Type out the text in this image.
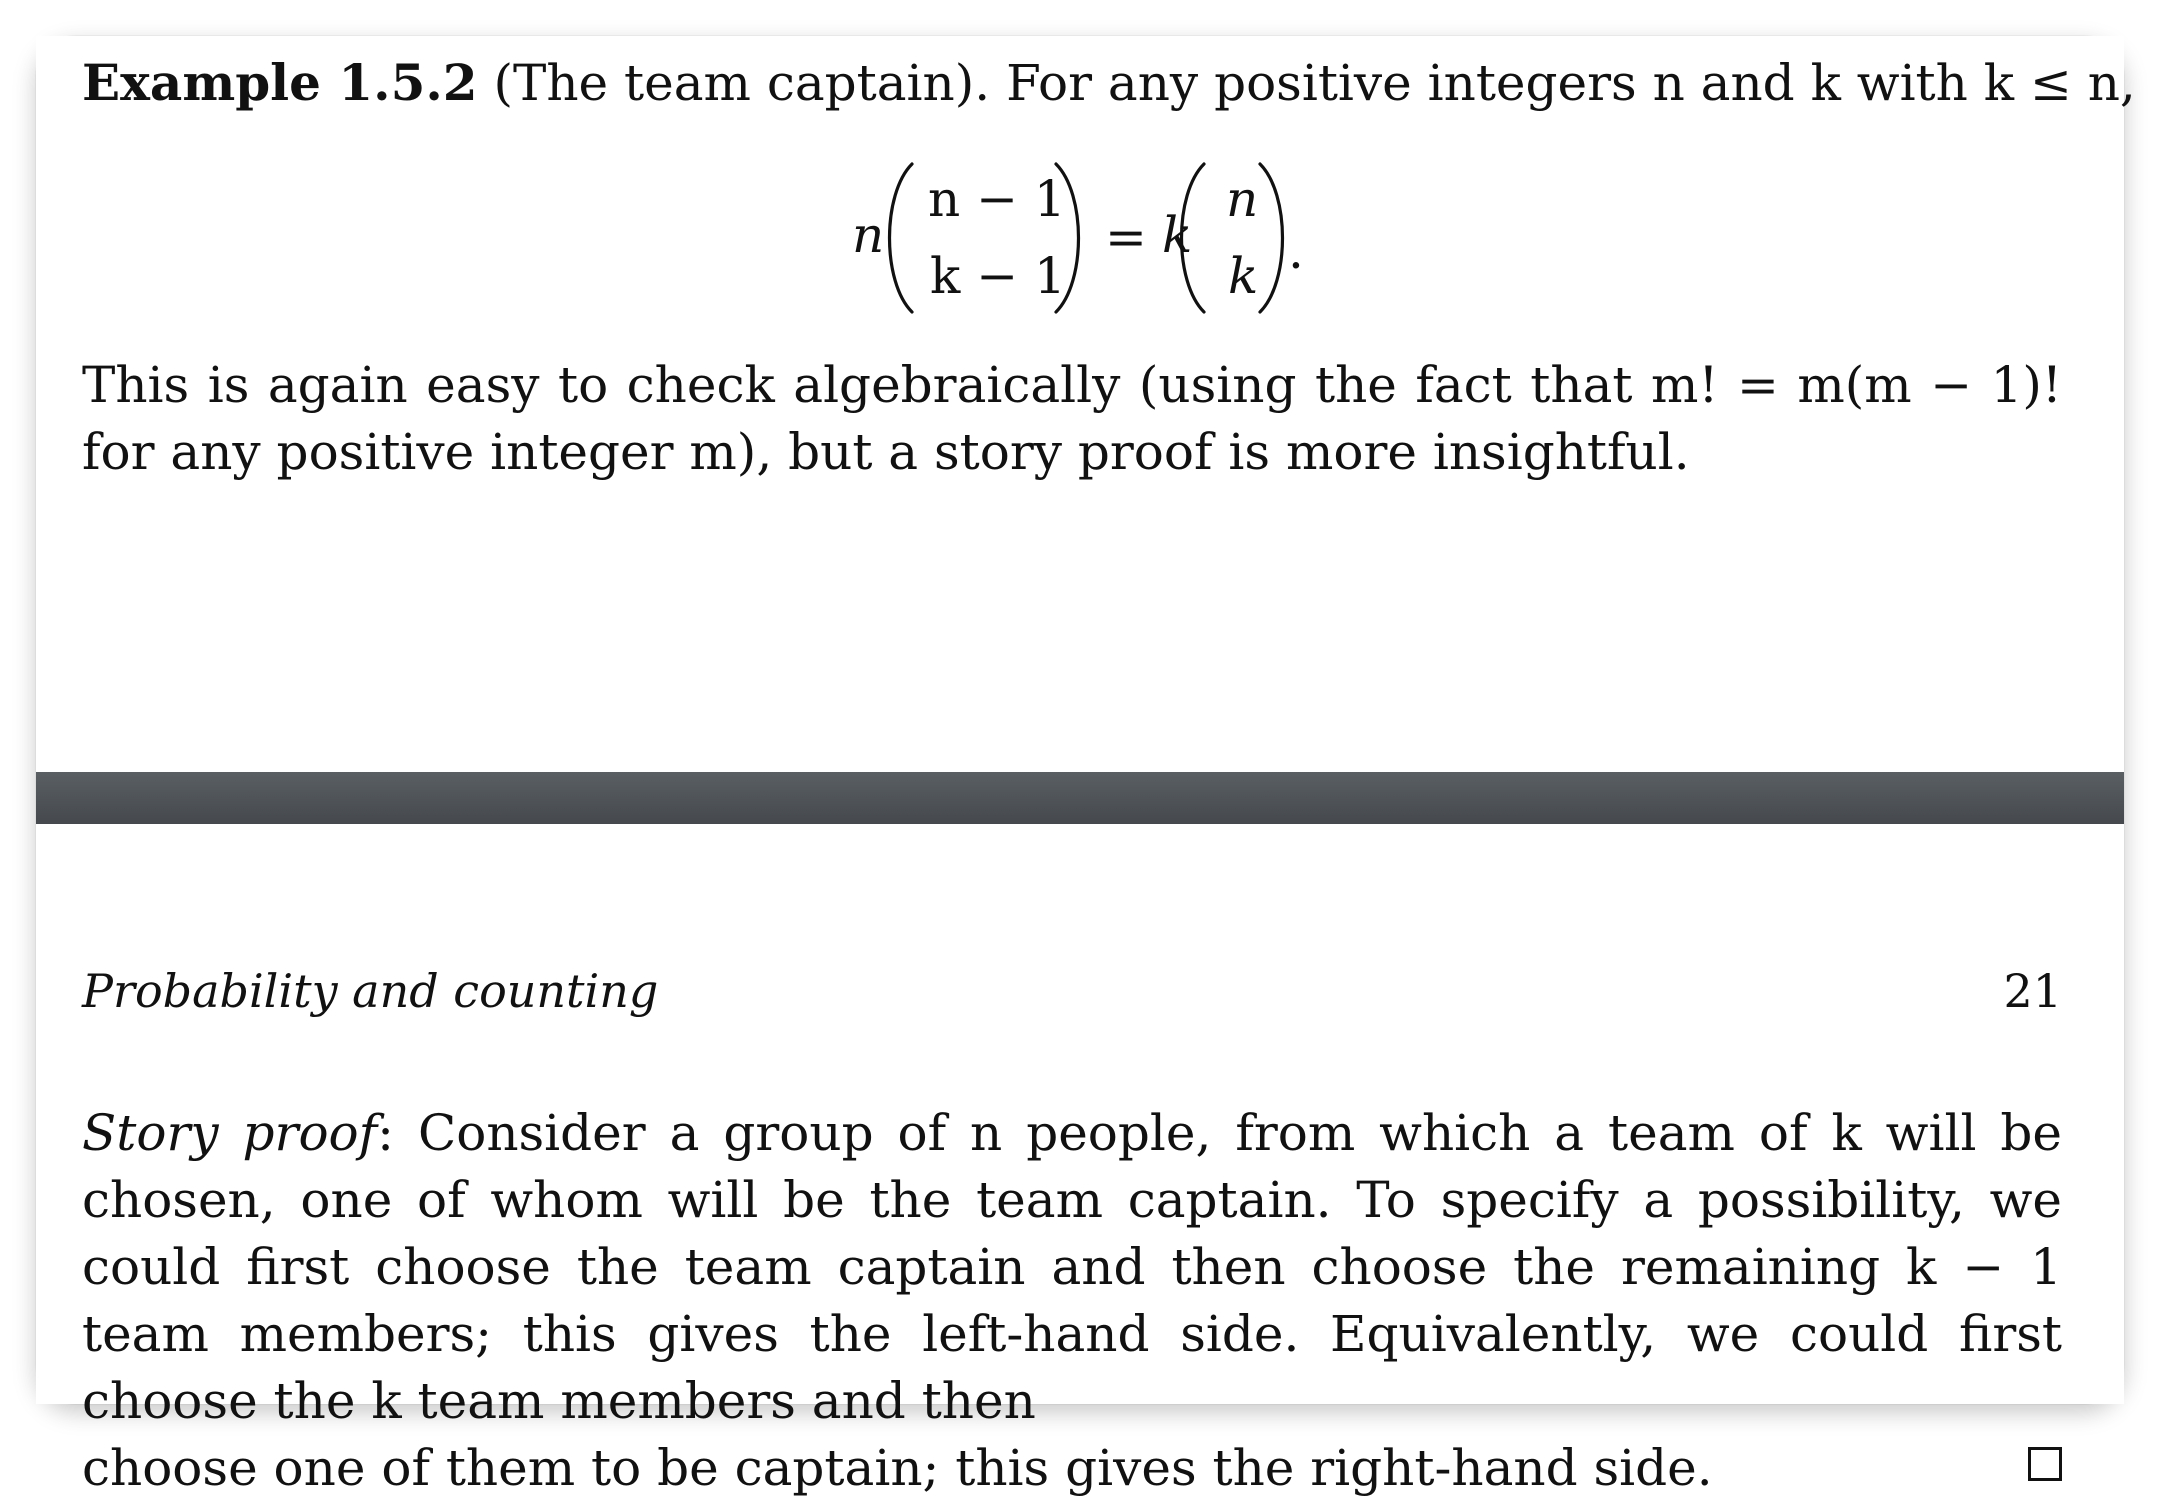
Example 1.5.2 (The team captain). For any positive integers n and k with k ≤ n,
n
n − 1
k − 1
= k
n
k .
This is again easy to check algebraically (using the fact that m! = m(m − 1)! for any positive integer m), but a story proof is more insightful.
Probability and counting	21
Story proof: Consider a group of n people, from which a team of k will be chosen, one of whom will be the team captain. To specify a possibility, we could first choose the team captain and then choose the remaining k − 1 team members; this gives the left-hand side. Equivalently, we could first choose the k team members and then
choose one of them to be captain; this gives the right-hand side.
